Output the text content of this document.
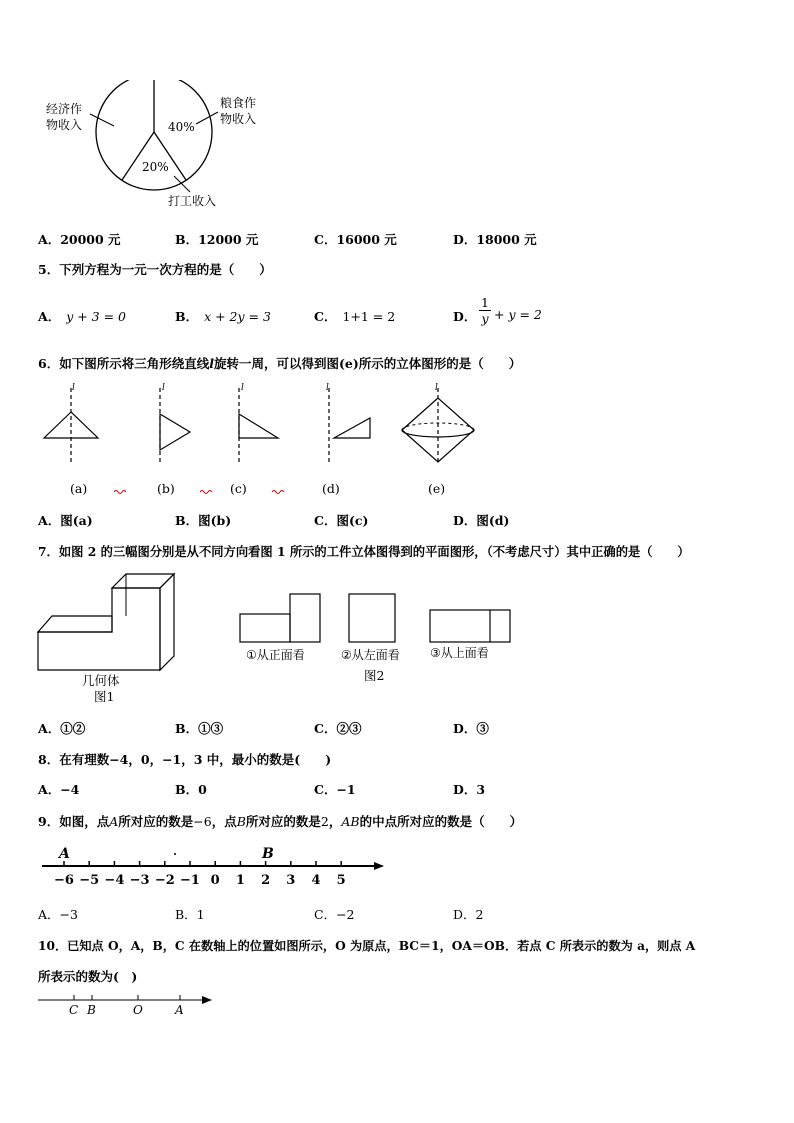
经济作
物收入
粮食作
物收入
40%
20%
打工收入
A．20000 元	B．12000 元	C．16000 元	D．18000 元
5．下列方程为一元一次方程的是（　　）
A． y + 3 = 0	B． x + 2y = 3	C． 1+1 = 2	D．
1
y + y = 2
6．如下图所示将三角形绕直线l旋转一周，可以得到图(e)所示的立体图形的是（　　）
l	l	l	l	l
(a)	(b)	(c)	(d)	(e)
A．图(a)	B．图(b)	C．图(c)	D．图(d)
7．如图 2 的三幅图分别是从不同方向看图 1 所示的工件立体图得到的平面图形，（不考虑尺寸）其中正确的是（　　）
几何体
图1
①从正面看	②从左面看	③从上面看
图2
A．①②	B．①③	C．②③	D．③
8．在有理数−4，0，−1，3 中，最小的数是(　　)
A．−4	B．0	C．−1	D．3
9．如图，点A所对应的数是−6，点B所对应的数是2，AB的中点所对应的数是（　　）
−6 −5 −4 −3 −2 −1 0 1 2 3 4 5
A	B
A．−3	B．1	C．−2	D．2
10．已知点 O，A，B，C 在数轴上的位置如图所示，O 为原点，BC＝1，OA＝OB．若点 C 所表示的数为 a，则点 A
所表示的数为(　)
C B	O	A
